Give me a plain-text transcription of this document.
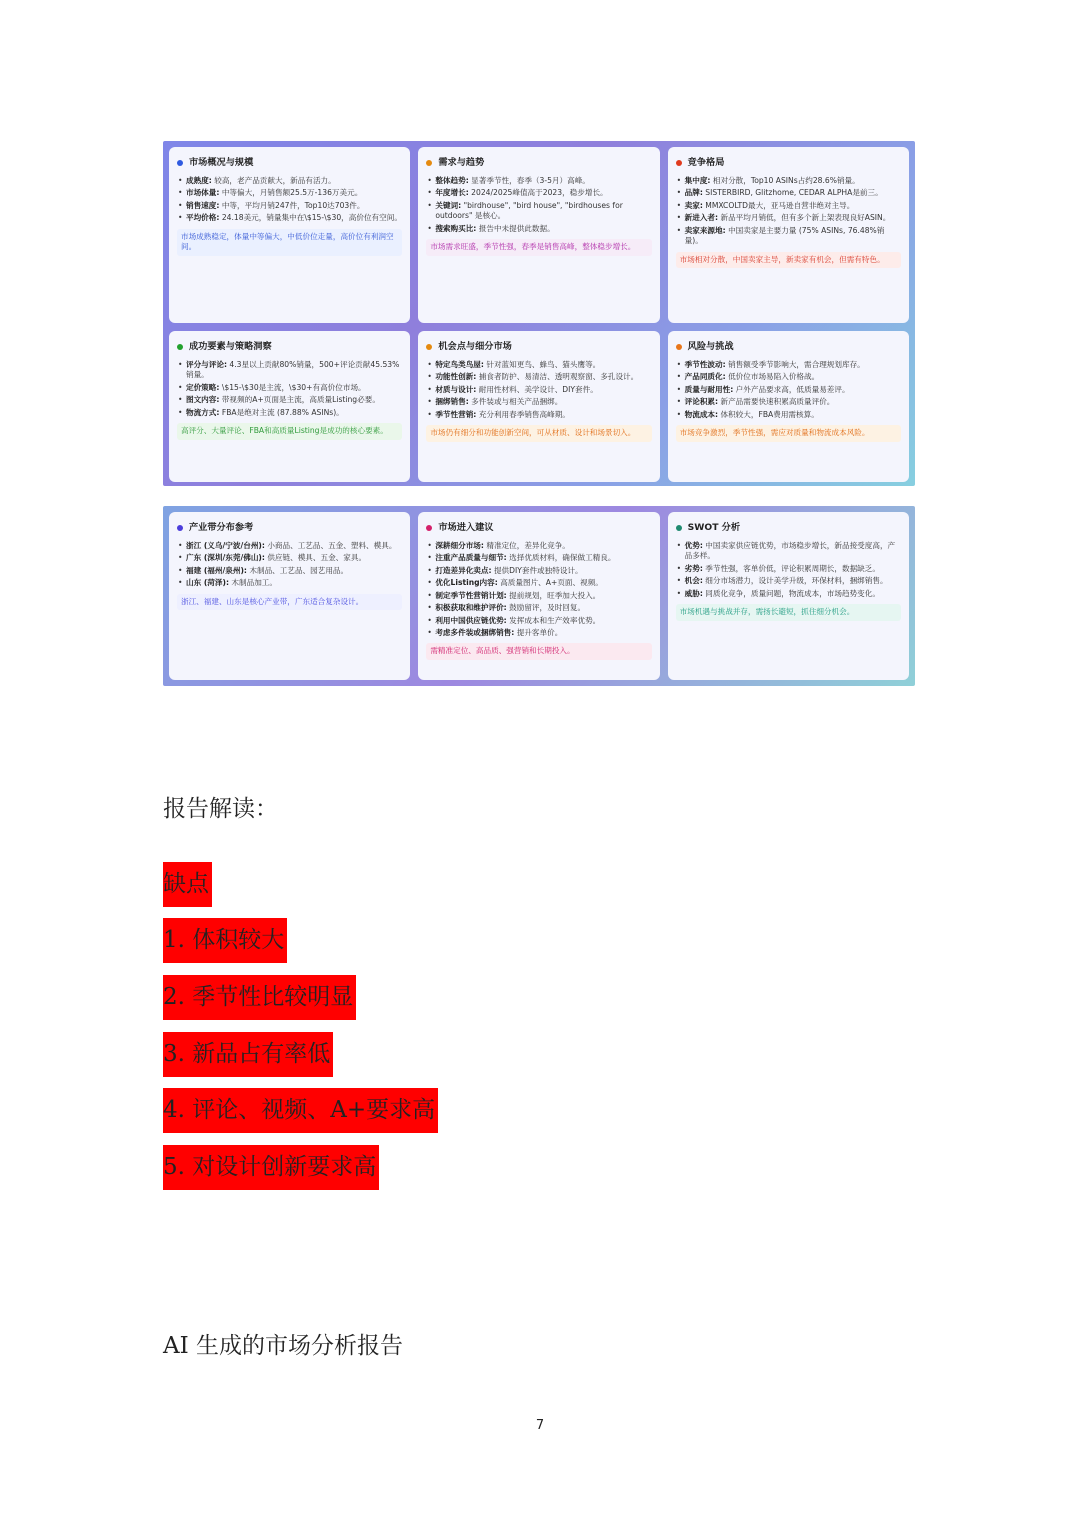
市场概况与规模
• 成熟度: 较高，老产品贡献大，新品有活力。
• 市场体量: 中等偏大，月销售额25.5万-136万美元。
• 销售速度: 中等，平均月销247件，Top10达703件。
• 平均价格: 24.18美元，销量集中在\$15-\$30，高价位有空间。
市场成熟稳定，体量中等偏大，中低价位走量，高价位有利润空间。
需求与趋势
• 整体趋势: 显著季节性，春季（3-5月）高峰。
• 年度增长: 2024/2025峰值高于2023，稳步增长。
• 关键词: "birdhouse", "bird house", "birdhouses for outdoors" 是核心。
• 搜索购买比: 报告中未提供此数据。
市场需求旺盛，季节性强，春季是销售高峰，整体稳步增长。
竞争格局
• 集中度: 相对分散，Top10 ASINs占约28.6%销量。
• 品牌: SISTERBIRD, Glitzhome, CEDAR ALPHA是前三。
• 卖家: MMXCOLTD最大，亚马逊自营非绝对主导。
• 新进入者: 新品平均月销低，但有多个新上架表现良好ASIN。
• 卖家来源地: 中国卖家是主要力量 (75% ASINs, 76.48%销量)。
市场相对分散，中国卖家主导，新卖家有机会，但需有特色。
成功要素与策略洞察
• 评分与评论: 4.3星以上贡献80%销量，500+评论贡献45.53%销量。
• 定价策略: \$15-\$30是主流，\$30+有高价位市场。
• 图文内容: 带视频的A+页面是主流，高质量Listing必要。
• 物流方式: FBA是绝对主流 (87.88% ASINs)。
高评分、大量评论、FBA和高质量Listing是成功的核心要素。
机会点与细分市场
• 特定鸟类鸟屋: 针对蓝知更鸟、蜂鸟、猫头鹰等。
• 功能性创新: 捕食者防护、易清洁、透明观察窗、多孔设计。
• 材质与设计: 耐用性材料、美学设计、DIY套件。
• 捆绑销售: 多件装或与相关产品捆绑。
• 季节性营销: 充分利用春季销售高峰期。
市场仍有细分和功能创新空间，可从材质、设计和场景切入。
风险与挑战
• 季节性波动: 销售额受季节影响大，需合理规划库存。
• 产品同质化: 低价位市场易陷入价格战。
• 质量与耐用性: 户外产品要求高，低质量易差评。
• 评论积累: 新产品需要快速积累高质量评价。
• 物流成本: 体积较大，FBA费用需核算。
市场竞争激烈，季节性强，需应对质量和物流成本风险。
产业带分布参考
• 浙江 (义乌/宁波/台州): 小商品、工艺品、五金、塑料、模具。
• 广东 (深圳/东莞/佛山): 供应链、模具、五金、家具。
• 福建 (福州/泉州): 木制品、工艺品、园艺用品。
• 山东 (菏泽): 木制品加工。
浙江、福建、山东是核心产业带，广东适合复杂设计。
市场进入建议
• 深耕细分市场: 精准定位，差异化竞争。
• 注重产品质量与细节: 选择优质材料，确保做工精良。
• 打造差异化卖点: 提供DIY套件或独特设计。
• 优化Listing内容: 高质量图片、A+页面、视频。
• 制定季节性营销计划: 提前规划，旺季加大投入。
• 积极获取和维护评价: 鼓励留评，及时回复。
• 利用中国供应链优势: 发挥成本和生产效率优势。
• 考虑多件装或捆绑销售: 提升客单价。
需精准定位、高品质、强营销和长期投入。
SWOT 分析
• 优势: 中国卖家供应链优势，市场稳步增长，新品接受度高，产品多样。
• 劣势: 季节性强，客单价低，评论积累周期长，数据缺乏。
• 机会: 细分市场潜力，设计美学升级，环保材料，捆绑销售。
• 威胁: 同质化竞争，质量问题，物流成本，市场趋势变化。
市场机遇与挑战并存，需扬长避短，抓住细分机会。
报告解读：
缺点
1. 体积较大
2. 季节性比较明显
3. 新品占有率低
4. 评论、视频、A+要求高
5. 对设计创新要求高
AI 生成的市场分析报告
7
